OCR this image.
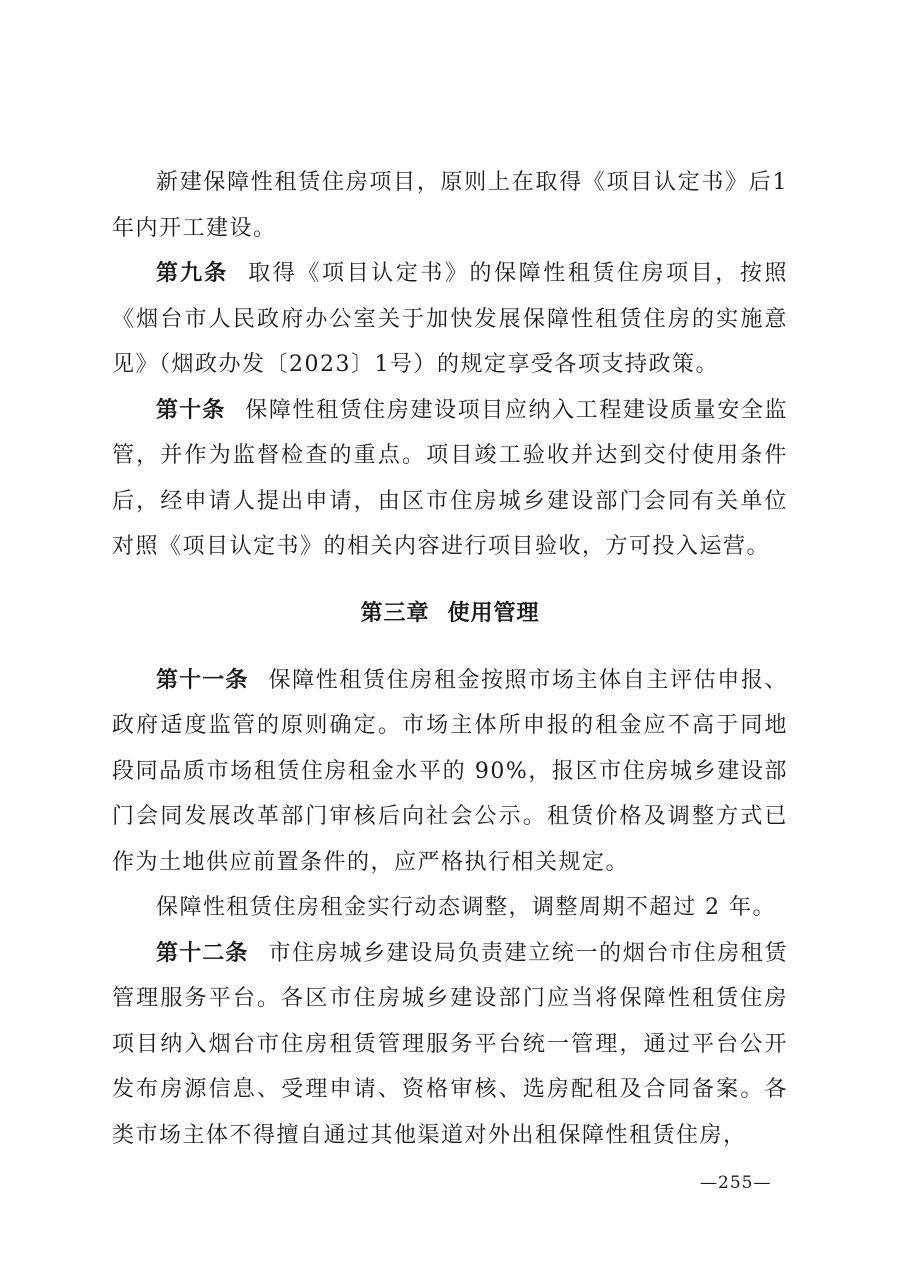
新建保障性租赁住房项目，原则上在取得《项目认定书》后1年内开工建设。

第九条 取得《项目认定书》的保障性租赁住房项目，按照《烟台市人民政府办公室关于加快发展保障性租赁住房的实施意见》（烟政办发〔2023〕1号）的规定享受各项支持政策。

第十条 保障性租赁住房建设项目应纳入工程建设质量安全监管，并作为监督检查的重点。项目竣工验收并达到交付使用条件后，经申请人提出申请，由区市住房城乡建设部门会同有关单位对照《项目认定书》的相关内容进行项目验收，方可投入运营。

第三章 使用管理

第十一条 保障性租赁住房租金按照市场主体自主评估申报、政府适度监管的原则确定。市场主体所申报的租金应不高于同地段同品质市场租赁住房租金水平的 90%，报区市住房城乡建设部门会同发展改革部门审核后向社会公示。租赁价格及调整方式已作为土地供应前置条件的，应严格执行相关规定。

保障性租赁住房租金实行动态调整，调整周期不超过 2 年。

第十二条 市住房城乡建设局负责建立统一的烟台市住房租赁管理服务平台。各区市住房城乡建设部门应当将保障性租赁住房项目纳入烟台市住房租赁管理服务平台统一管理，通过平台公开发布房源信息、受理申请、资格审核、选房配租及合同备案。各类市场主体不得擅自通过其他渠道对外出租保障性租赁住房，

—255—
